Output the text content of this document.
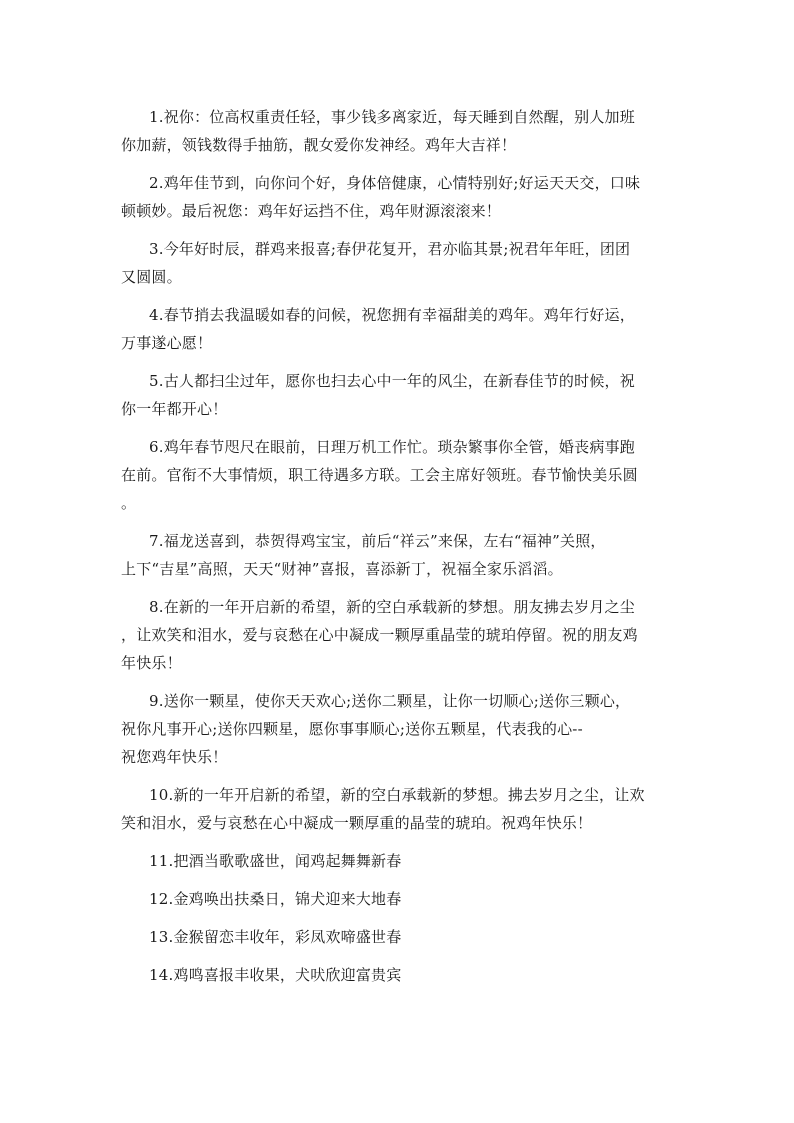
1.祝你：位高权重责任轻，事少钱多离家近，每天睡到自然醒，别人加班
你加薪，领钱数得手抽筋，靓女爱你发神经。鸡年大吉祥！

2.鸡年佳节到，向你问个好，身体倍健康，心情特别好;好运天天交，口味
顿顿妙。最后祝您：鸡年好运挡不住，鸡年财源滚滚来！

3.今年好时辰，群鸡来报喜;春伊花复开，君亦临其景;祝君年年旺，团团
又圆圆。

4.春节捎去我温暖如春的问候，祝您拥有幸福甜美的鸡年。鸡年行好运，
万事遂心愿！

5.古人都扫尘过年，愿你也扫去心中一年的风尘，在新春佳节的时候，祝
你一年都开心！

6.鸡年春节咫尺在眼前，日理万机工作忙。琐杂繁事你全管，婚丧病事跑
在前。官衔不大事情烦，职工待遇多方联。工会主席好领班。春节愉快美乐圆
。

7.福龙送喜到，恭贺得鸡宝宝，前后“祥云”来保，左右“福神”关照，
上下“吉星”高照，天天“财神”喜报，喜添新丁，祝福全家乐滔滔。

8.在新的一年开启新的希望，新的空白承载新的梦想。朋友拂去岁月之尘
，让欢笑和泪水，爱与哀愁在心中凝成一颗厚重晶莹的琥珀停留。祝的朋友鸡
年快乐！

9.送你一颗星，使你天天欢心;送你二颗星，让你一切顺心;送你三颗心，
祝你凡事开心;送你四颗星，愿你事事顺心;送你五颗星，代表我的心--
祝您鸡年快乐！

10.新的一年开启新的希望，新的空白承载新的梦想。拂去岁月之尘，让欢
笑和泪水，爱与哀愁在心中凝成一颗厚重的晶莹的琥珀。祝鸡年快乐！

11.把酒当歌歌盛世，闻鸡起舞舞新春

12.金鸡唤出扶桑日，锦犬迎来大地春

13.金猴留恋丰收年，彩凤欢啼盛世春

14.鸡鸣喜报丰收果，犬吠欣迎富贵宾
